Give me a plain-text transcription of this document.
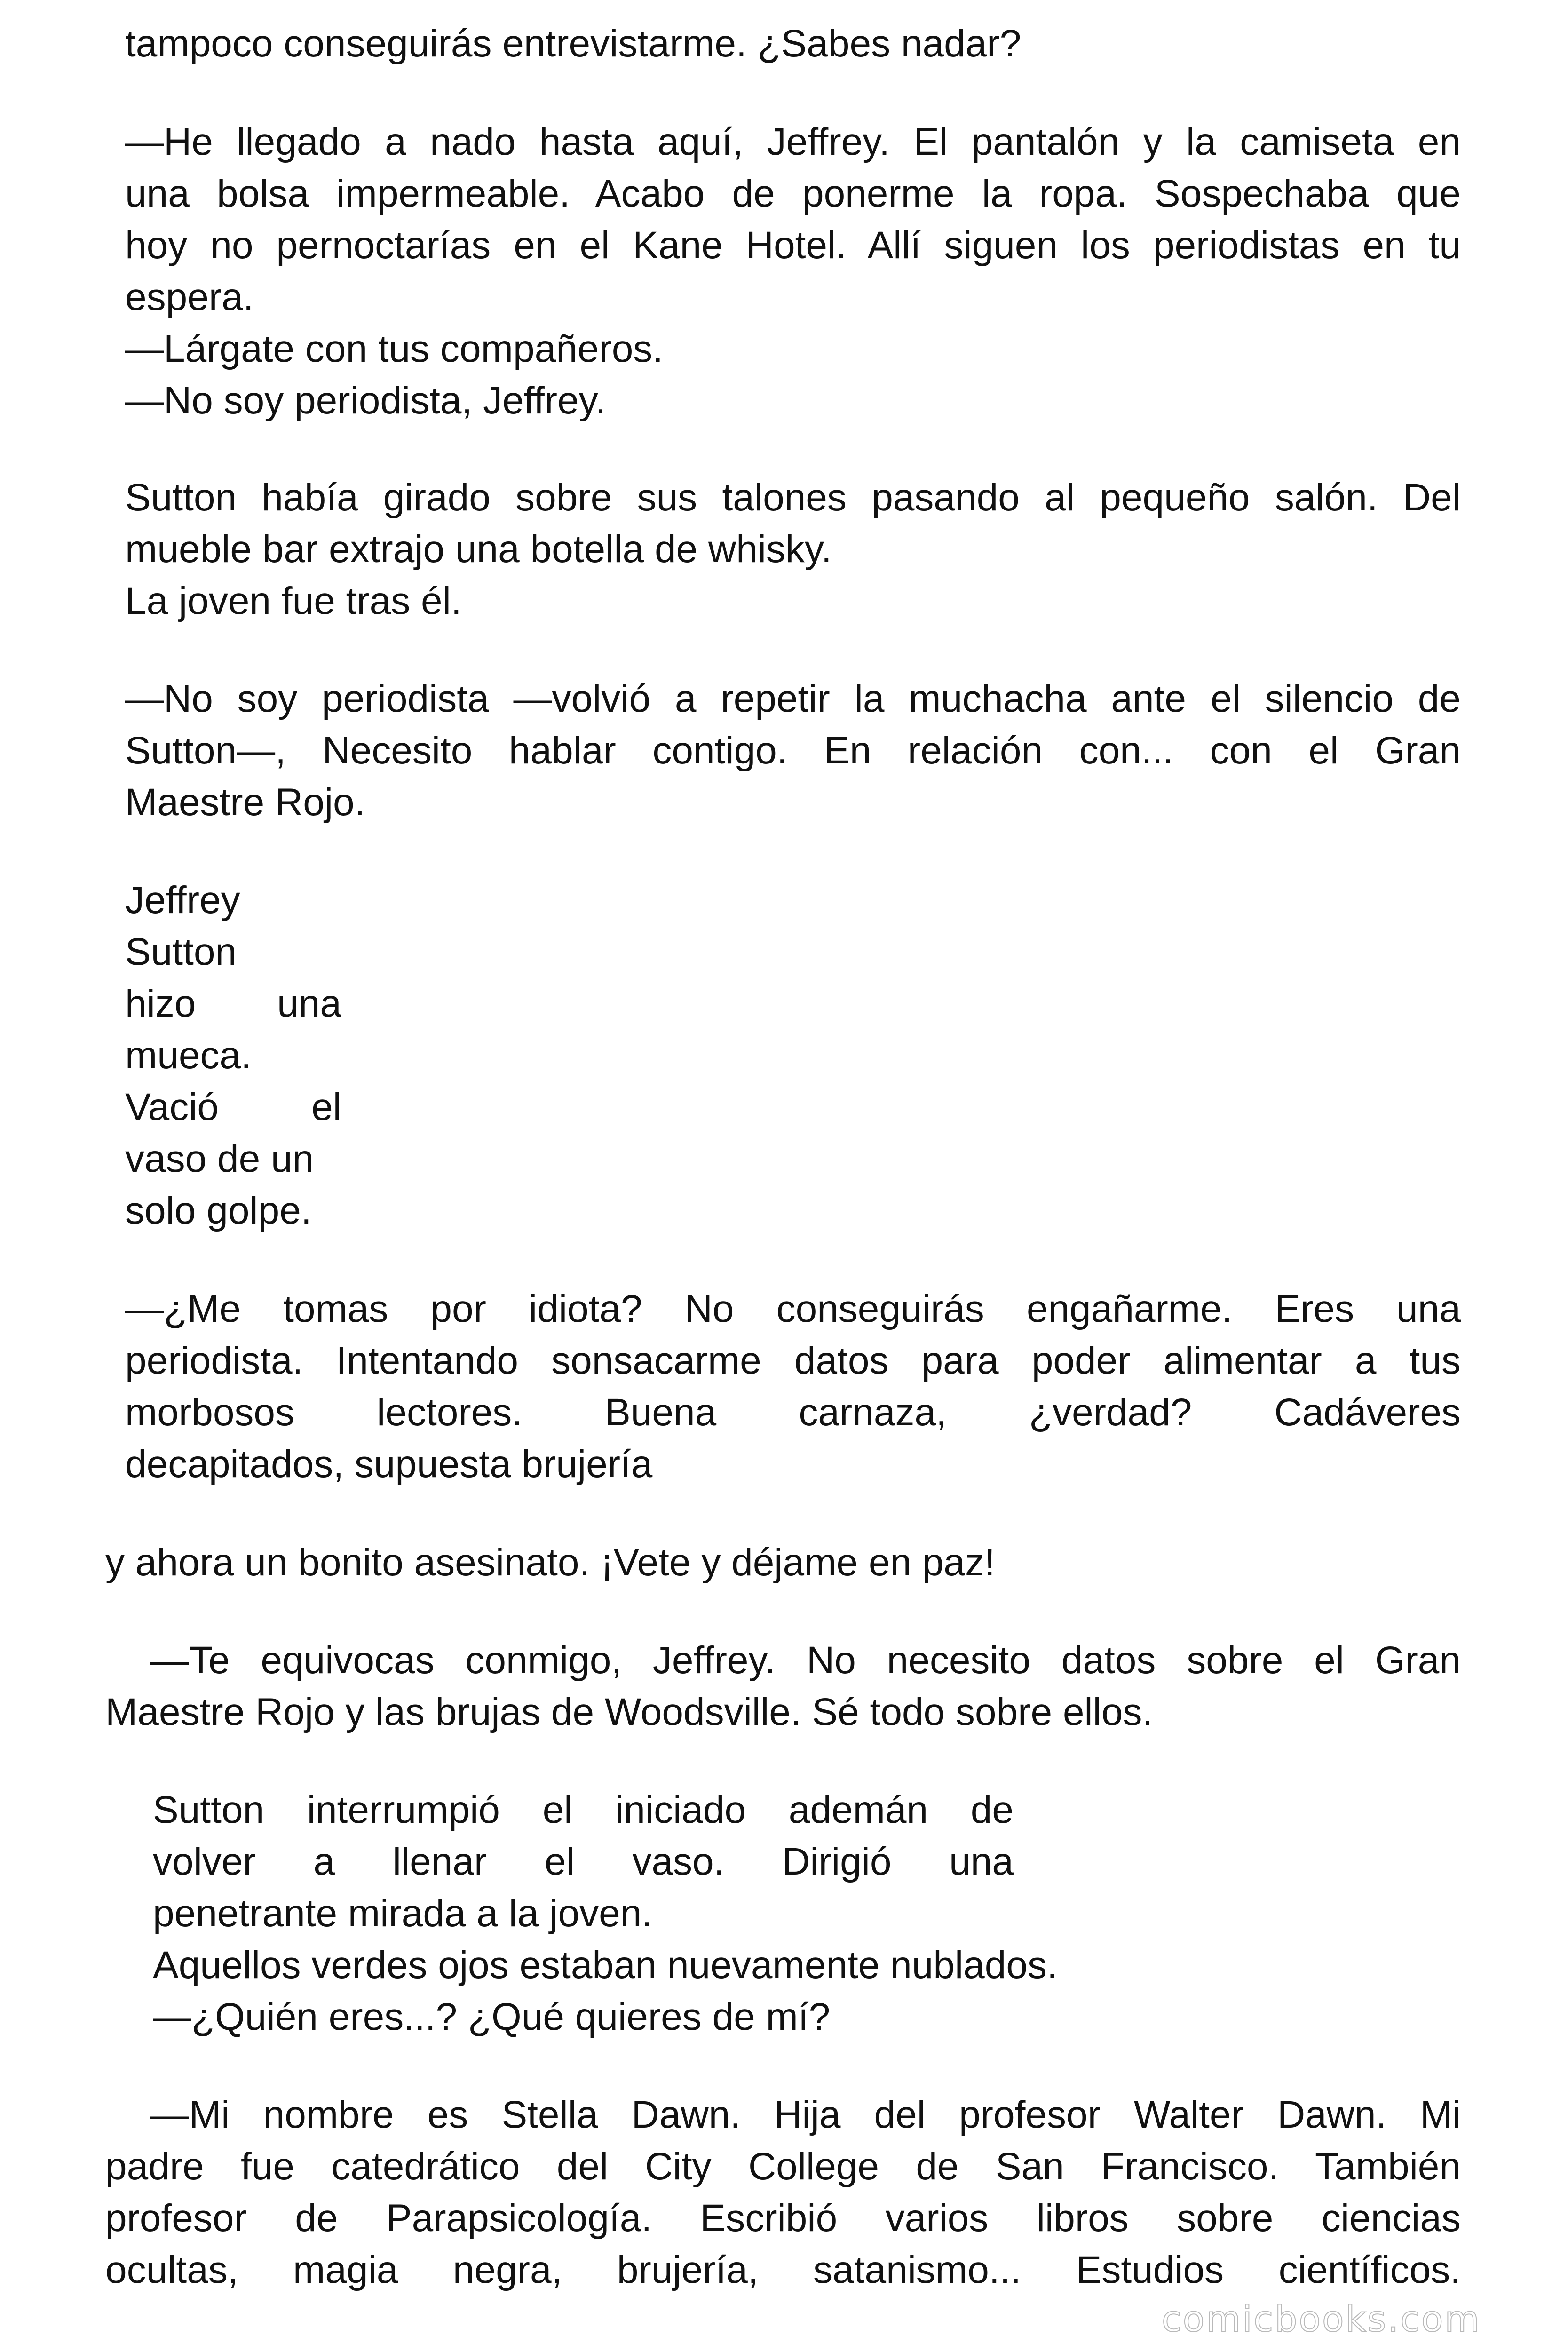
tampoco conseguirás entrevistarme. ¿Sabes nadar?

—He llegado a nado hasta aquí, Jeffrey. El pantalón y la camiseta en

una bolsa impermeable. Acabo de ponerme la ropa. Sospechaba que

hoy no pernoctarías en el Kane Hotel. Allí siguen los periodistas en tu

espera.

—Lárgate con tus compañeros.

—No soy periodista, Jeffrey.

Sutton había girado sobre sus talones pasando al pequeño salón. Del

mueble bar extrajo una botella de whisky.

La joven fue tras él.

—No soy periodista —volvió a repetir la muchacha ante el silencio de

Sutton—, Necesito hablar contigo. En relación con... con el Gran

Maestre Rojo.

Jeffrey

Sutton

hizo una

mueca.

Vació el

vaso de un

solo golpe.

—¿Me tomas por idiota? No conseguirás engañarme. Eres una

periodista. Intentando sonsacarme datos para poder alimentar a tus

morbosos lectores. Buena carnaza, ¿verdad? Cadáveres

decapitados, supuesta brujería

y ahora un bonito asesinato. ¡Vete y déjame en paz!

—Te equivocas conmigo, Jeffrey. No necesito datos sobre el Gran

Maestre Rojo y las brujas de Woodsville. Sé todo sobre ellos.

Sutton interrumpió el iniciado ademán de

volver a llenar el vaso. Dirigió una

penetrante mirada a la joven.

Aquellos verdes ojos estaban nuevamente nublados.

—¿Quién eres...? ¿Qué quieres de mí?

—Mi nombre es Stella Dawn. Hija del profesor Walter Dawn. Mi

padre fue catedrático del City College de San Francisco. También

profesor de Parapsicología. Escribió varios libros sobre ciencias

ocultas, magia negra, brujería, satanismo... Estudios científicos.

comicbooks.com
